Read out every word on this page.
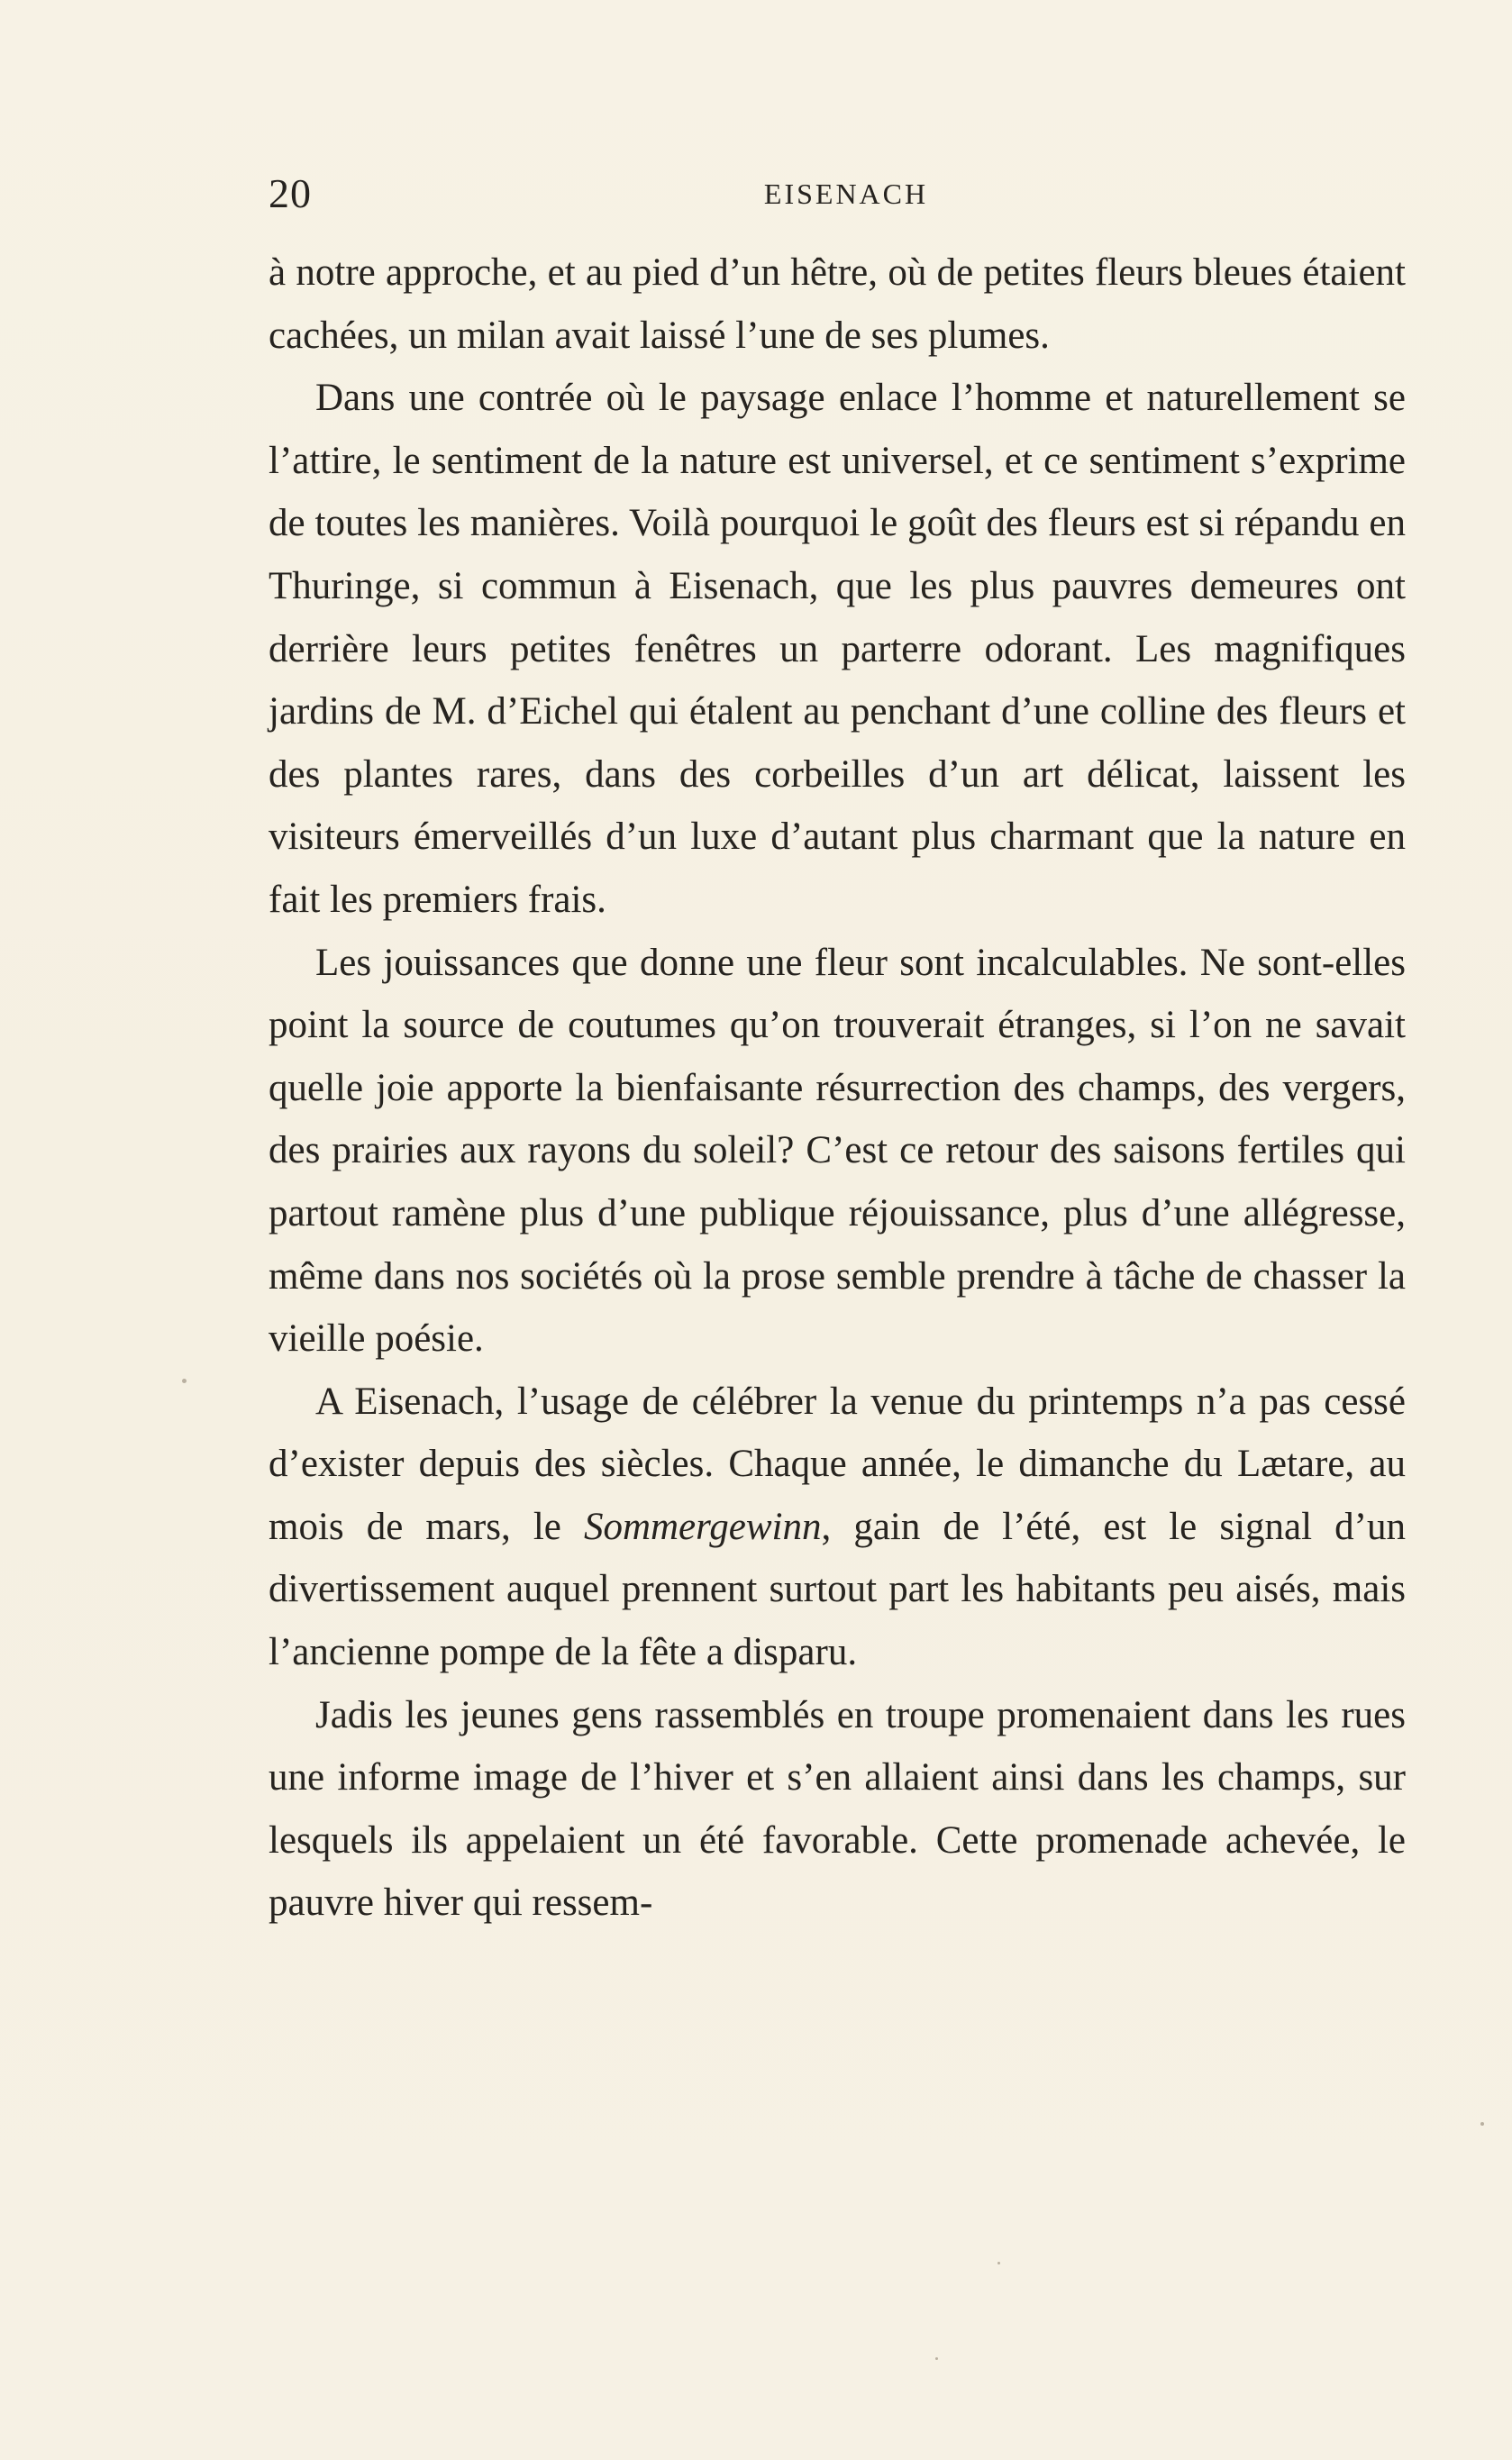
20	EISENACH

à notre approche, et au pied d’un hêtre, où de petites fleurs bleues étaient cachées, un milan avait laissé l’une de ses plumes.

Dans une contrée où le paysage enlace l’homme et naturellement se l’attire, le sentiment de la nature est universel, et ce sentiment s’exprime de toutes les manières. Voilà pourquoi le goût des fleurs est si répandu en Thuringe, si commun à Eisenach, que les plus pauvres demeures ont derrière leurs petites fenêtres un parterre odorant. Les magnifiques jardins de M. d’Eichel qui étalent au penchant d’une colline des fleurs et des plantes rares, dans des corbeilles d’un art délicat, laissent les visiteurs émerveillés d’un luxe d’autant plus charmant que la nature en fait les premiers frais.

Les jouissances que donne une fleur sont incalculables. Ne sont-elles point la source de coutumes qu’on trouverait étranges, si l’on ne savait quelle joie apporte la bienfaisante résurrection des champs, des vergers, des prairies aux rayons du soleil? C’est ce retour des saisons fertiles qui partout ramène plus d’une publique réjouissance, plus d’une allégresse, même dans nos sociétés où la prose semble prendre à tâche de chasser la vieille poésie.

A Eisenach, l’usage de célébrer la venue du printemps n’a pas cessé d’exister depuis des siècles. Chaque année, le dimanche du Lætare, au mois de mars, le Sommergewinn, gain de l’été, est le signal d’un divertissement auquel prennent surtout part les habitants peu aisés, mais l’ancienne pompe de la fête a disparu.

Jadis les jeunes gens rassemblés en troupe promenaient dans les rues une informe image de l’hiver et s’en allaient ainsi dans les champs, sur lesquels ils appelaient un été favorable. Cette promenade achevée, le pauvre hiver qui ressem-
